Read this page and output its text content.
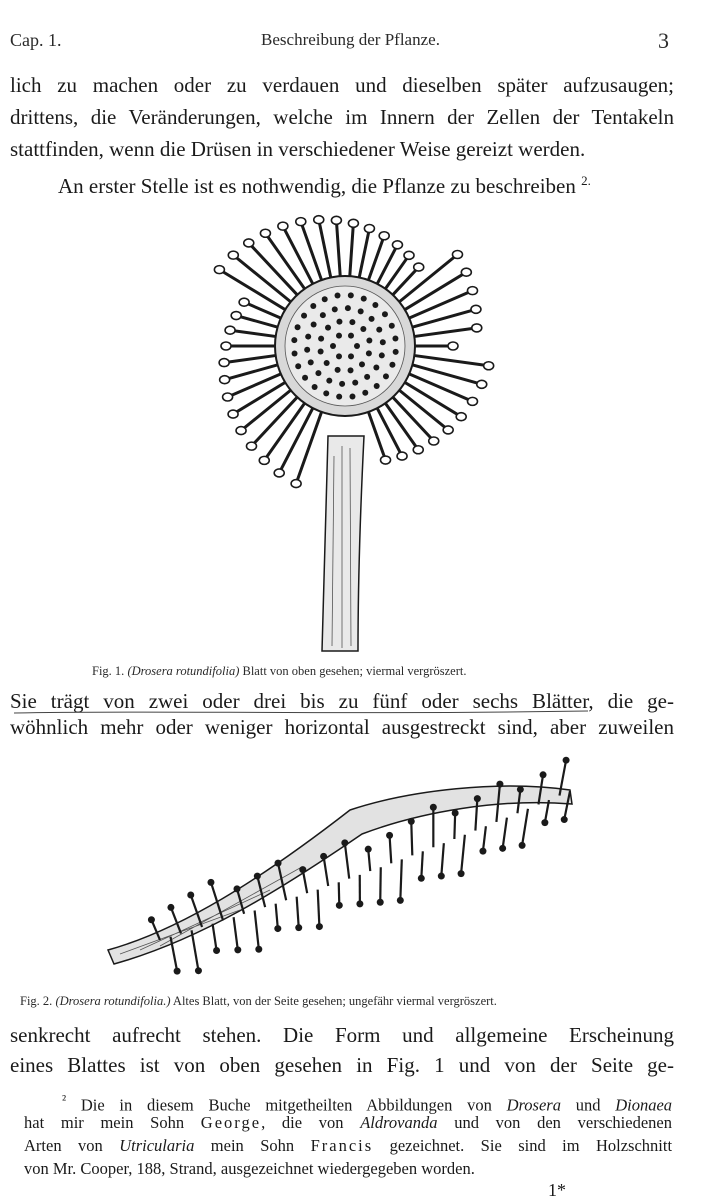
Cap. 1.	Beschreibung der Pflanze.	3
lich zu machen oder zu verdauen und dieselben später aufzusaugen;
drittens, die Veränderungen, welche im Innern der Zellen der Tentakeln
stattfinden, wenn die Drüsen in verschiedener Weise gereizt werden.
An erster Stelle ist es nothwendig, die Pflanze zu beschreiben $^{2.}$
Fig. 1. (Drosera rotundifolia) Blatt von oben gesehen; viermal vergröszert.
Sie trägt von zwei oder drei bis zu fünf oder sechs Blätter, die ge-
wöhnlich mehr oder weniger horizontal ausgestreckt sind, aber zuweilen
Fig. 2. (Drosera rotundifolia.) Altes Blatt, von der Seite gesehen; ungefähr viermal vergröszert.
senkrecht aufrecht stehen. Die Form und allgemeine Erscheinung
eines Blattes ist von oben gesehen in Fig. 1 und von der Seite ge-
$^{^2}$ Die in diesem Buche mitgetheilten Abbildungen von Drosera und Dionaea
hat mir mein Sohn George, die von Aldrovanda und von den verschiedenen
Arten von Utricularia mein Sohn Francis gezeichnet. Sie sind im Holzschnitt
von Mr. Cooper, 188, Strand, ausgezeichnet wiedergegeben worden.
1*
